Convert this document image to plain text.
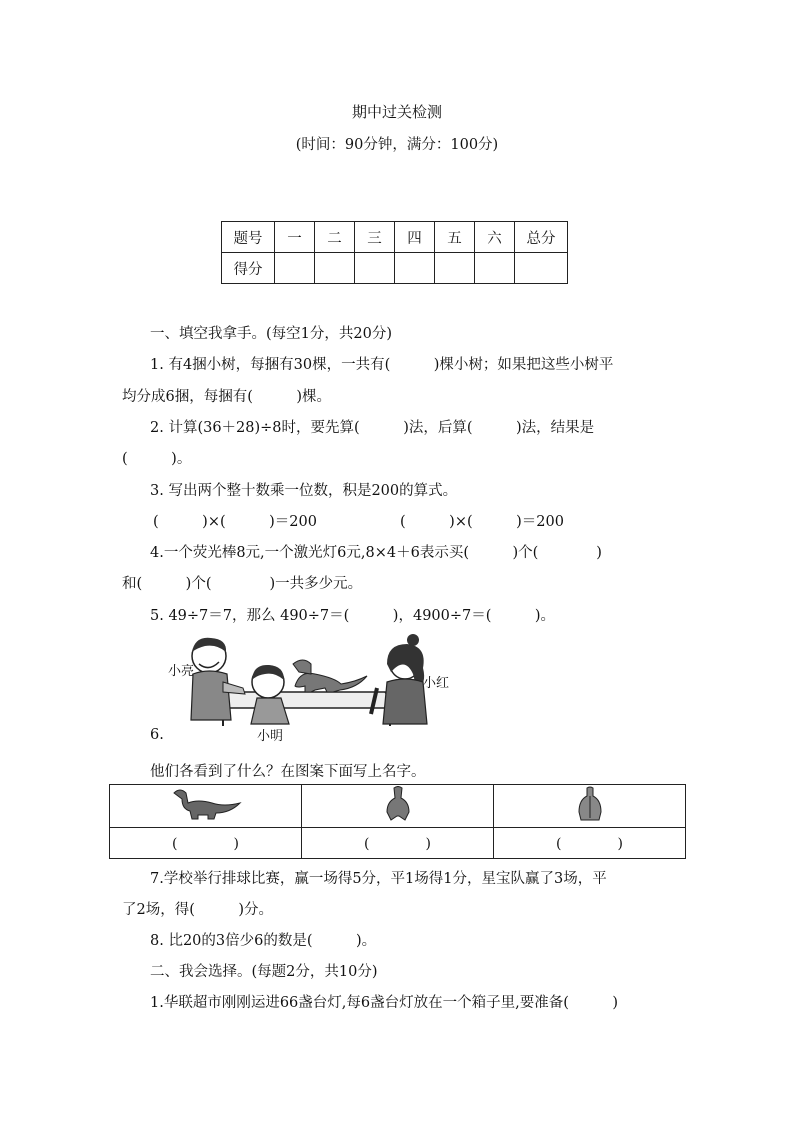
期中过关检测
(时间：90分钟，满分：100分)
题号	一	二	三	四	五	六	总分
得分							
一、填空我拿手。(每空1分，共20分)
1. 有4捆小树，每捆有30棵，一共有(　　　)棵小树；如果把这些小树平
均分成6捆，每捆有(　　　)棵。
2. 计算(36＋28)÷8时，要先算(　　　)法，后算(　　　)法，结果是
(　　　)。
3. 写出两个整十数乘一位数，积是200的算式。
(　　　)×(　　　)＝200	(　　　)×(　　　)＝200
4.一个荧光棒8元,一个激光灯6元,8×4＋6表示买(　　　)个(　　　　)
和(　　　)个(　　　　)一共多少元。
5. 49÷7＝7，那么 490÷7＝(　　　)，4900÷7＝(　　　)。
小亮
小红
小明
6.
他们各看到了什么？在图案下面写上名字。

(　　　　)	(　　　　)	(　　　　)
7.学校举行排球比赛，赢一场得5分，平1场得1分，星宝队赢了3场，平
了2场，得(　　　)分。
8. 比20的3倍少6的数是(　　　)。
二、我会选择。(每题2分，共10分)
1.华联超市刚刚运进66盏台灯,每6盏台灯放在一个箱子里,要准备(　　　)
